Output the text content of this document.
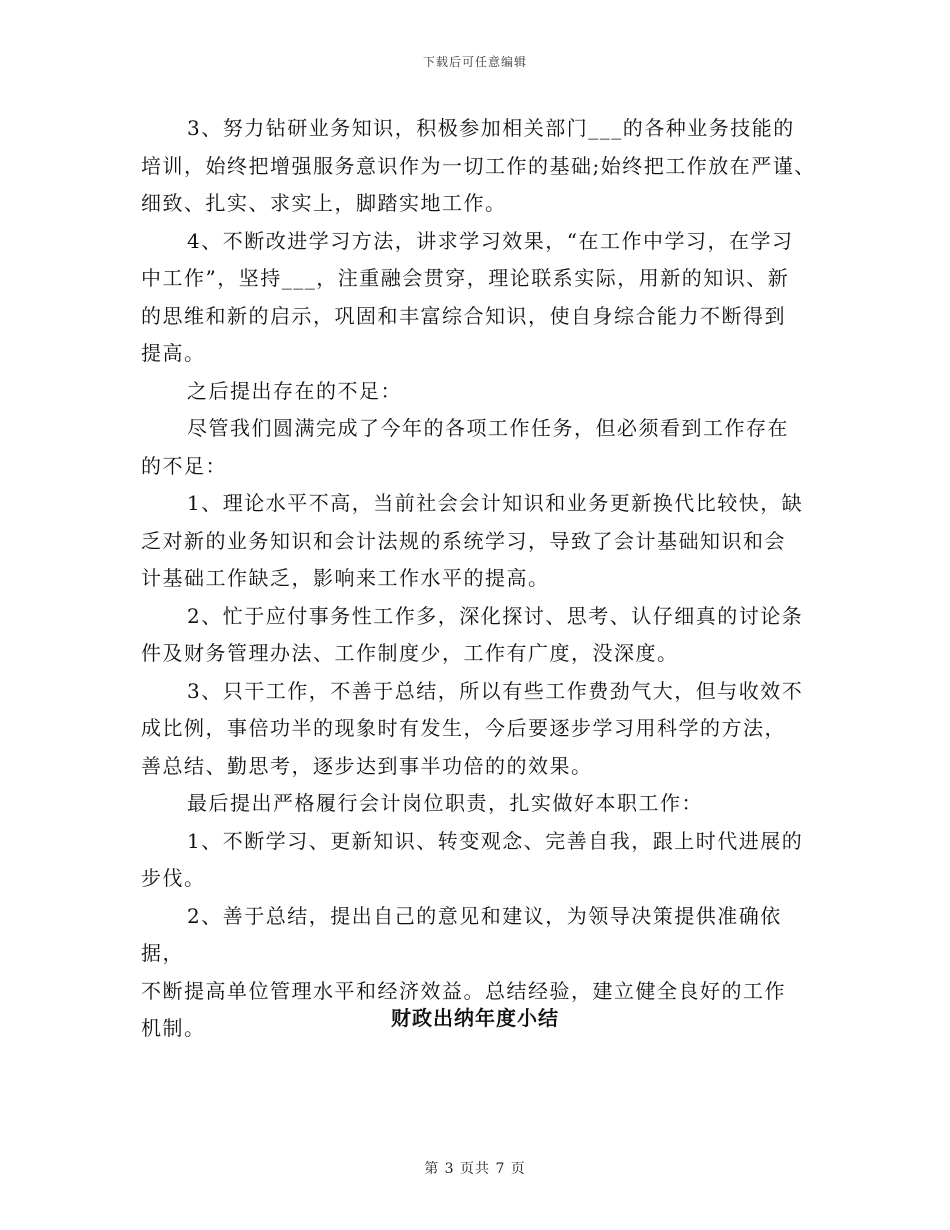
下载后可任意编辑

3、努力钻研业务知识，积极参加相关部门___的各种业务技能的
培训，始终把增强服务意识作为一切工作的基础;始终把工作放在严谨、
细致、扎实、求实上，脚踏实地工作。

4、不断改进学习方法，讲求学习效果，“在工作中学习，在学习
中工作”，坚持___，注重融会贯穿，理论联系实际，用新的知识、新
的思维和新的启示，巩固和丰富综合知识，使自身综合能力不断得到
提高。

之后提出存在的不足：

尽管我们圆满完成了今年的各项工作任务，但必须看到工作存在
的不足：

1、理论水平不高，当前社会会计知识和业务更新换代比较快，缺
乏对新的业务知识和会计法规的系统学习，导致了会计基础知识和会
计基础工作缺乏，影响来工作水平的提高。

2、忙于应付事务性工作多，深化探讨、思考、认仔细真的讨论条
件及财务管理办法、工作制度少，工作有广度，没深度。

3、只干工作，不善于总结，所以有些工作费劲气大，但与收效不
成比例，事倍功半的现象时有发生，今后要逐步学习用科学的方法，
善总结、勤思考，逐步达到事半功倍的的效果。

最后提出严格履行会计岗位职责，扎实做好本职工作：

1、不断学习、更新知识、转变观念、完善自我，跟上时代进展的
步伐。

2、善于总结，提出自己的意见和建议，为领导决策提供准确依据，
不断提高单位管理水平和经济效益。总结经验，建立健全良好的工作
机制。	财政出纳年度小结
第 3 页共 7 页
